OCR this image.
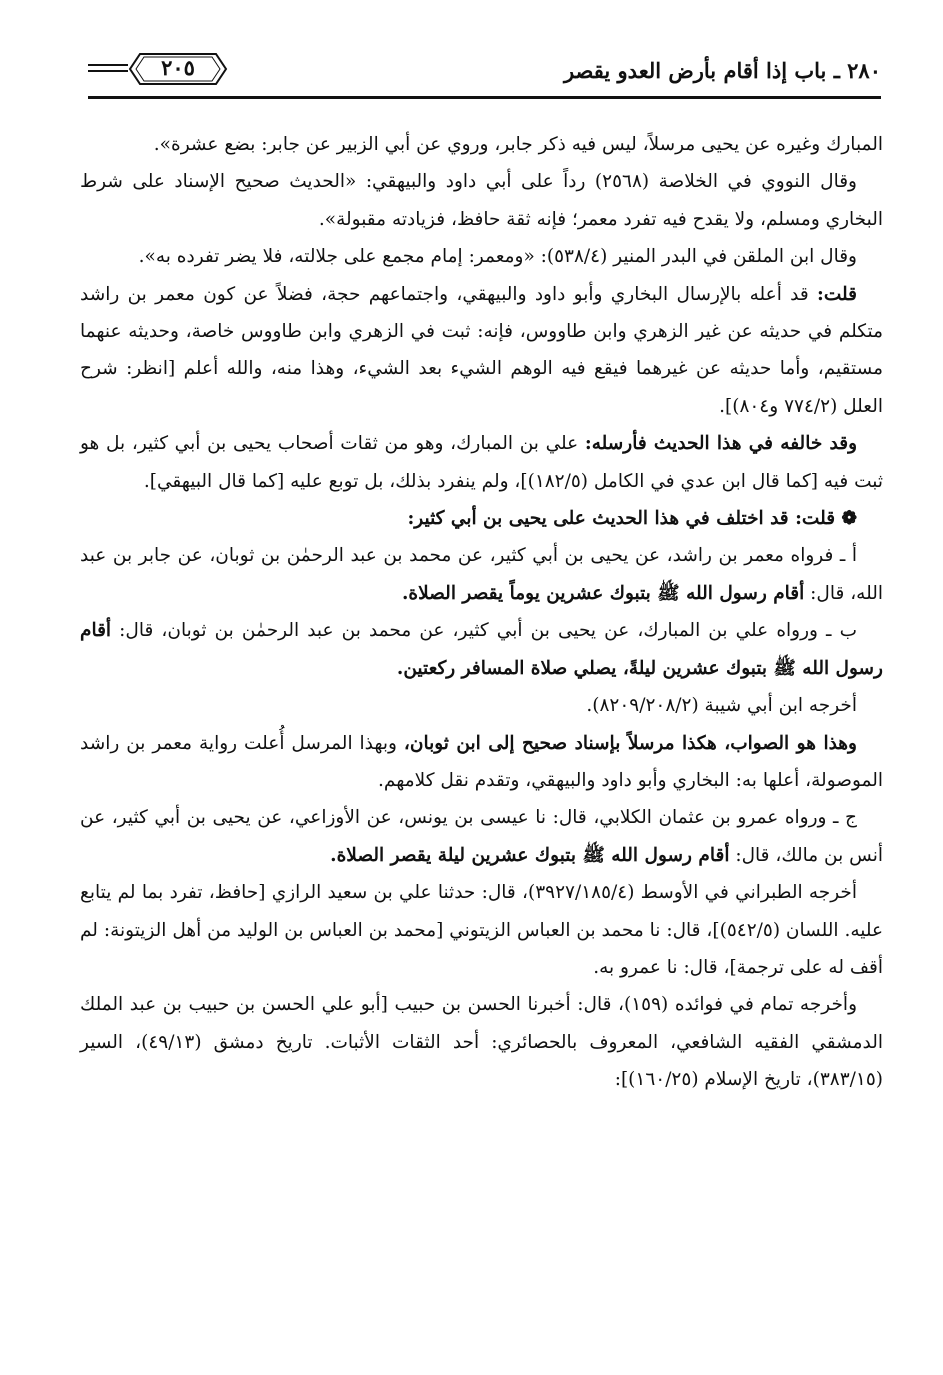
٢٨٠ ـ باب إذا أقام بأرض العدو يقصر
٢٠٥

المبارك وغيره عن يحيى مرسلاً، ليس فيه ذكر جابر، وروي عن أبي الزبير عن جابر: بضع عشرة».

وقال النووي في الخلاصة (٢٥٦٨) رداً على أبي داود والبيهقي: «الحديث صحيح الإسناد على شرط البخاري ومسلم، ولا يقدح فيه تفرد معمر؛ فإنه ثقة حافظ، فزيادته مقبولة».

وقال ابن الملقن في البدر المنير (٥٣٨/٤): «ومعمر: إمام مجمع على جلالته، فلا يضر تفرده به».

قلت: قد أعله بالإرسال البخاري وأبو داود والبيهقي، واجتماعهم حجة، فضلاً عن كون معمر بن راشد متكلم في حديثه عن غير الزهري وابن طاووس، فإنه: ثبت في الزهري وابن طاووس خاصة، وحديثه عنهما مستقيم، وأما حديثه عن غيرهما فيقع فيه الوهم الشيء بعد الشيء، وهذا منه، والله أعلم [انظر: شرح العلل (٧٧٤/٢ و٨٠٤)].

وقد خالفه في هذا الحديث فأرسله: علي بن المبارك، وهو من ثقات أصحاب يحيى بن أبي كثير، بل هو ثبت فيه [كما قال ابن عدي في الكامل (١٨٢/٥)]، ولم ينفرد بذلك، بل توبع عليه [كما قال البيهقي].

❁ قلت: قد اختلف في هذا الحديث على يحيى بن أبي كثير:

أ ـ فرواه معمر بن راشد، عن يحيى بن أبي كثير، عن محمد بن عبد الرحمٰن بن ثوبان، عن جابر بن عبد الله، قال: أقام رسول الله ﷺ بتبوك عشرين يوماً يقصر الصلاة.

ب ـ ورواه علي بن المبارك، عن يحيى بن أبي كثير، عن محمد بن عبد الرحمٰن بن ثوبان، قال: أقام رسول الله ﷺ بتبوك عشرين ليلةً، يصلي صلاة المسافر ركعتين.

أخرجه ابن أبي شيبة (٨٢٠٩/٢٠٨/٢).

وهذا هو الصواب، هكذا مرسلاً بإسناد صحيح إلى ابن ثوبان، وبهذا المرسل أُعلت رواية معمر بن راشد الموصولة، أعلها به: البخاري وأبو داود والبيهقي، وتقدم نقل كلامهم.

ج ـ ورواه عمرو بن عثمان الكلابي، قال: نا عيسى بن يونس، عن الأوزاعي، عن يحيى بن أبي كثير، عن أنس بن مالك، قال: أقام رسول الله ﷺ بتبوك عشرين ليلة يقصر الصلاة.

أخرجه الطبراني في الأوسط (٣٩٢٧/١٨٥/٤)، قال: حدثنا علي بن سعيد الرازي [حافظ، تفرد بما لم يتابع عليه. اللسان (٥٤٢/٥)]، قال: نا محمد بن العباس الزيتوني [محمد بن العباس بن الوليد من أهل الزيتونة: لم أقف له على ترجمة]، قال: نا عمرو به.

وأخرجه تمام في فوائده (١٥٩)، قال: أخبرنا الحسن بن حبيب [أبو علي الحسن بن حبيب بن عبد الملك الدمشقي الفقيه الشافعي، المعروف بالحصائري: أحد الثقات الأثبات. تاريخ دمشق (٤٩/١٣)، السير (٣٨٣/١٥)، تاريخ الإسلام (١٦٠/٢٥)]:
